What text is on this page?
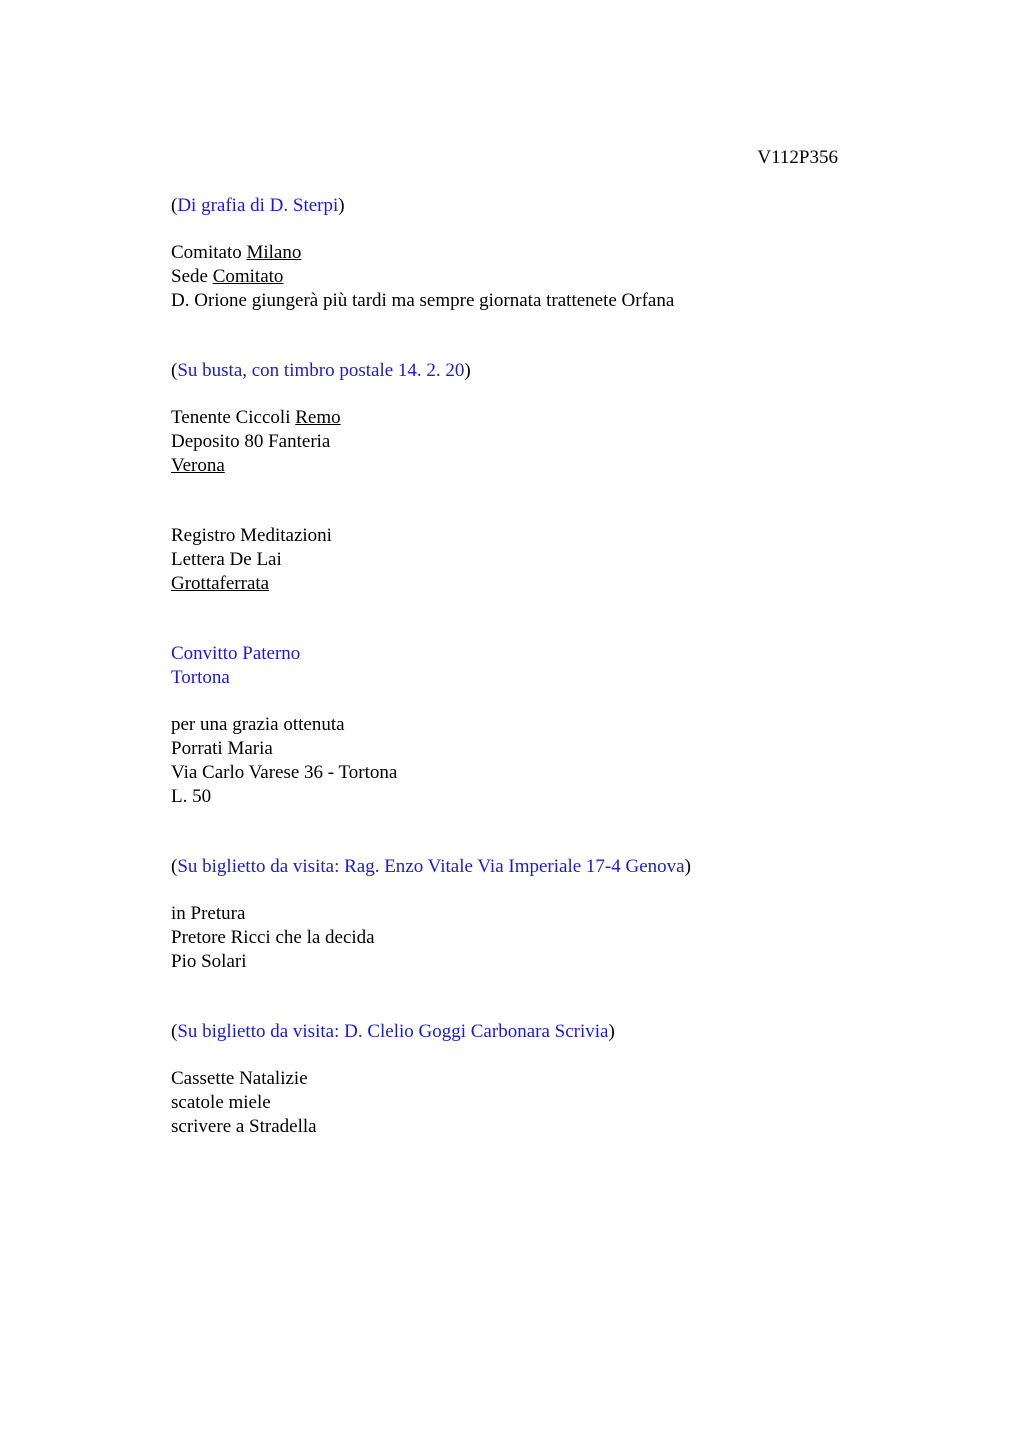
V112P356
(Di grafia di D. Sterpi)
Comitato Milano
Sede Comitato
D. Orione giungerà più tardi ma sempre giornata trattenete Orfana
(Su busta, con timbro postale 14. 2. 20)
Tenente Ciccoli Remo
Deposito 80 Fanteria
Verona
Registro Meditazioni
Lettera De Lai
Grottaferrata
Convitto Paterno
Tortona
per una grazia ottenuta
Porrati Maria
Via Carlo Varese 36 - Tortona
L. 50
(Su biglietto da visita: Rag. Enzo Vitale Via Imperiale 17-4 Genova)
in Pretura
Pretore Ricci che la decida
Pio Solari
(Su biglietto da visita: D. Clelio Goggi Carbonara Scrivia)
Cassette Natalizie
scatole miele
scrivere a Stradella
